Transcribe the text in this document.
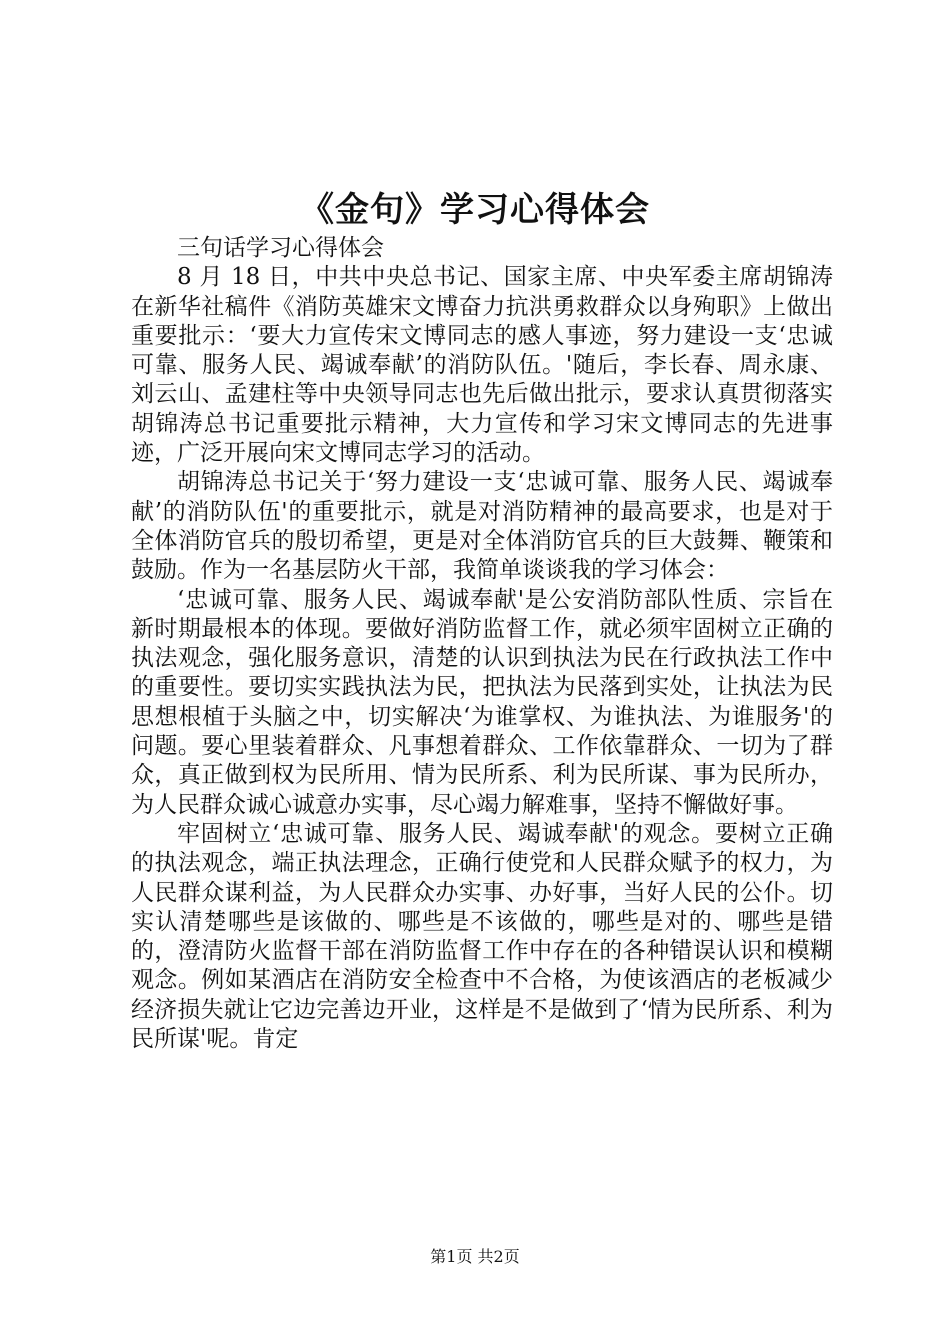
《金句》学习心得体会

三句话学习心得体会

8 月 18 日，中共中央总书记、国家主席、中央军委主席胡锦涛在新华社稿件《消防英雄宋文博奋力抗洪勇救群众以身殉职》上做出重要批示：‘要大力宣传宋文博同志的感人事迹，努力建设一支‘忠诚可靠、服务人民、竭诚奉献’的消防队伍。'随后，李长春、周永康、刘云山、孟建柱等中央领导同志也先后做出批示，要求认真贯彻落实胡锦涛总书记重要批示精神，大力宣传和学习宋文博同志的先进事迹，广泛开展向宋文博同志学习的活动。

胡锦涛总书记关于‘努力建设一支‘忠诚可靠、服务人民、竭诚奉献’的消防队伍'的重要批示，就是对消防精神的最高要求，也是对于全体消防官兵的殷切希望，更是对全体消防官兵的巨大鼓舞、鞭策和鼓励。作为一名基层防火干部，我简单谈谈我的学习体会：

‘忠诚可靠、服务人民、竭诚奉献'是公安消防部队性质、宗旨在新时期最根本的体现。要做好消防监督工作，就必须牢固树立正确的执法观念，强化服务意识，清楚的认识到执法为民在行政执法工作中的重要性。要切实实践执法为民，把执法为民落到实处，让执法为民思想根植于头脑之中，切实解决‘为谁掌权、为谁执法、为谁服务'的问题。要心里装着群众、凡事想着群众、工作依靠群众、一切为了群众，真正做到权为民所用、情为民所系、利为民所谋、事为民所办，为人民群众诚心诚意办实事，尽心竭力解难事，坚持不懈做好事。

牢固树立‘忠诚可靠、服务人民、竭诚奉献'的观念。要树立正确的执法观念，端正执法理念，正确行使党和人民群众赋予的权力，为人民群众谋利益，为人民群众办实事、办好事，当好人民的公仆。切实认清楚哪些是该做的、哪些是不该做的，哪些是对的、哪些是错的，澄清防火监督干部在消防监督工作中存在的各种错误认识和模糊观念。例如某酒店在消防安全检查中不合格，为使该酒店的老板减少经济损失就让它边完善边开业，这样是不是做到了‘情为民所系、利为民所谋'呢。肯定

第1页 共2页
